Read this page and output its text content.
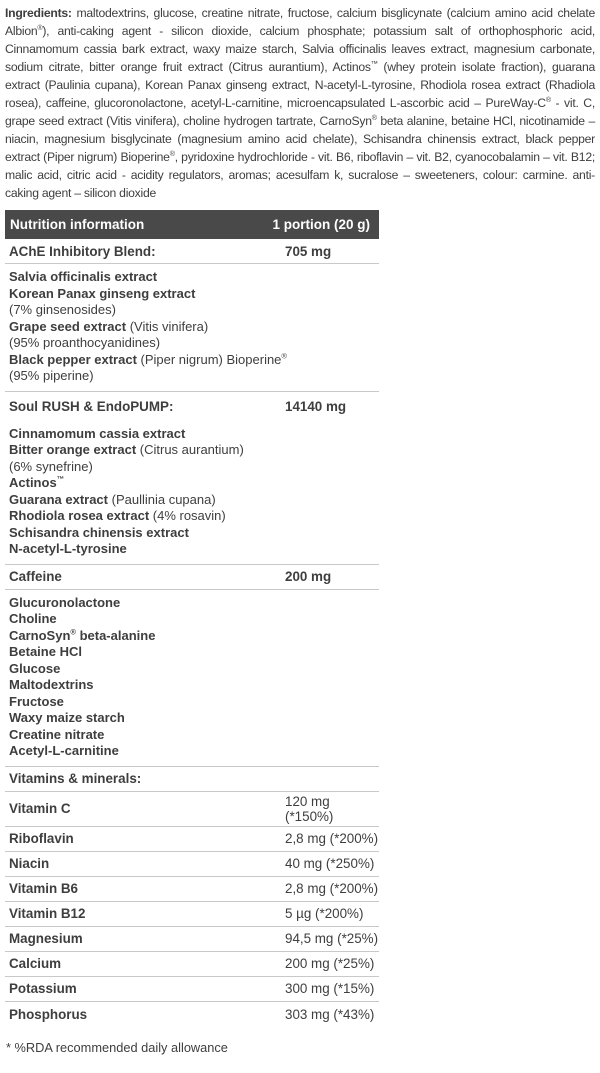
Ingredients: maltodextrins, glucose, creatine nitrate, fructose, calcium bisglicynate (calcium amino acid chelate Albion®), anti-caking agent - silicon dioxide, calcium phosphate; potassium salt of orthophosphoric acid, Cinnamomum cassia bark extract, waxy maize starch, Salvia officinalis leaves extract, magnesium carbonate, sodium citrate, bitter orange fruit extract (Citrus aurantium), Actinos™ (whey protein isolate fraction), guarana extract (Paulinia cupana), Korean Panax ginseng extract, N-acetyl-L-tyrosine, Rhodiola rosea extract (Rhadiola rosea), caffeine, glucoronolactone, acetyl-L-carnitine, microencapsulated L-ascorbic acid – PureWay-C® - vit. C, grape seed extract (Vitis vinifera), choline hydrogen tartrate, CarnoSyn® beta alanine, betaine HCl, nicotinamide – niacin, magnesium bisglycinate (magnesium amino acid chelate), Schisandra chinensis extract, black pepper extract (Piper nigrum) Bioperine®, pyridoxine hydrochloride - vit. B6, riboflavin – vit. B2, cyanocobalamin – vit. B12; malic acid, citric acid - acidity regulators, aromas; acesulfam k, sucralose – sweeteners, colour: carmine. anti-caking agent – silicon dioxide

Nutrition information	1 portion (20 g)
AChE Inhibitory Blend:	705 mg
Salvia officinalis extract
Korean Panax ginseng extract
(7% ginsenosides)
Grape seed extract (Vitis vinifera)
(95% proanthocyanidines)
Black pepper extract (Piper nigrum) Bioperine®
(95% piperine)
Soul RUSH & EndoPUMP:	14140 mg
Cinnamomum cassia extract
Bitter orange extract (Citrus aurantium)
(6% synefrine)
Actinos™
Guarana extract (Paullinia cupana)
Rhodiola rosea extract (4% rosavin)
Schisandra chinensis extract
N-acetyl-L-tyrosine
Caffeine	200 mg
Glucuronolactone
Choline
CarnoSyn® beta-alanine
Betaine HCl
Glucose
Maltodextrins
Fructose
Waxy maize starch
Creatine nitrate
Acetyl-L-carnitine
Vitamins & minerals:
Vitamin C	120 mg (*150%)
Riboflavin	2,8 mg (*200%)
Niacin	40 mg (*250%)
Vitamin B6	2,8 mg (*200%)
Vitamin B12	5 µg (*200%)
Magnesium	94,5 mg (*25%)
Calcium	200 mg (*25%)
Potassium	300 mg (*15%)
Phosphorus	303 mg (*43%)
* %RDA recommended daily allowance
